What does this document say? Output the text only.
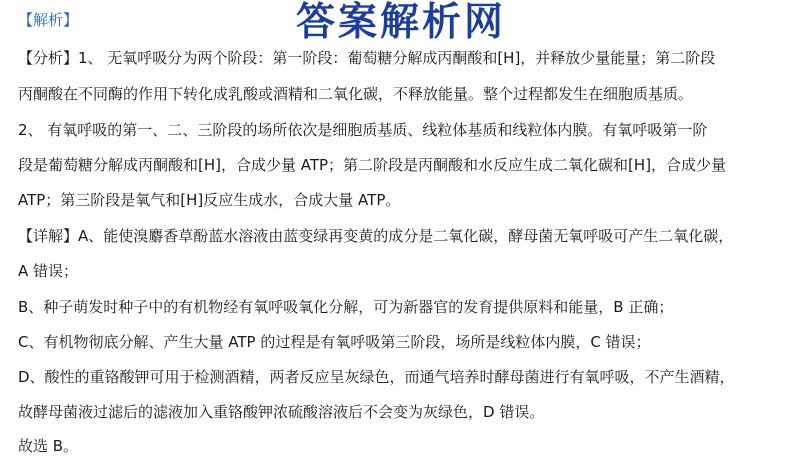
【解析】	答案解析网
【分析】1、 无氧呼吸分为两个阶段：第一阶段：葡萄糖分解成丙酮酸和[H]，并释放少量能量；第二阶段
丙酮酸在不同酶的作用下转化成乳酸或酒精和二氧化碳，不释放能量。整个过程都发生在细胞质基质。
2、 有氧呼吸的第一、二、三阶段的场所依次是细胞质基质、线粒体基质和线粒体内膜。有氧呼吸第一阶
段是葡萄糖分解成丙酮酸和[H]，合成少量 ATP；第二阶段是丙酮酸和水反应生成二氧化碳和[H]，合成少量
ATP；第三阶段是氧气和[H]反应生成水，合成大量 ATP。
【详解】A、能使溴麝香草酚蓝水溶液由蓝变绿再变黄的成分是二氧化碳，酵母菌无氧呼吸可产生二氧化碳，
A 错误；
B、种子萌发时种子中的有机物经有氧呼吸氧化分解，可为新器官的发育提供原料和能量，B 正确；
C、有机物彻底分解、产生大量 ATP 的过程是有氧呼吸第三阶段，场所是线粒体内膜，C 错误；
D、酸性的重铬酸钾可用于检测酒精，两者反应呈灰绿色，而通气培养时酵母菌进行有氧呼吸，不产生酒精，
故酵母菌液过滤后的滤液加入重铬酸钾浓硫酸溶液后不会变为灰绿色，D 错误。
故选 B。
